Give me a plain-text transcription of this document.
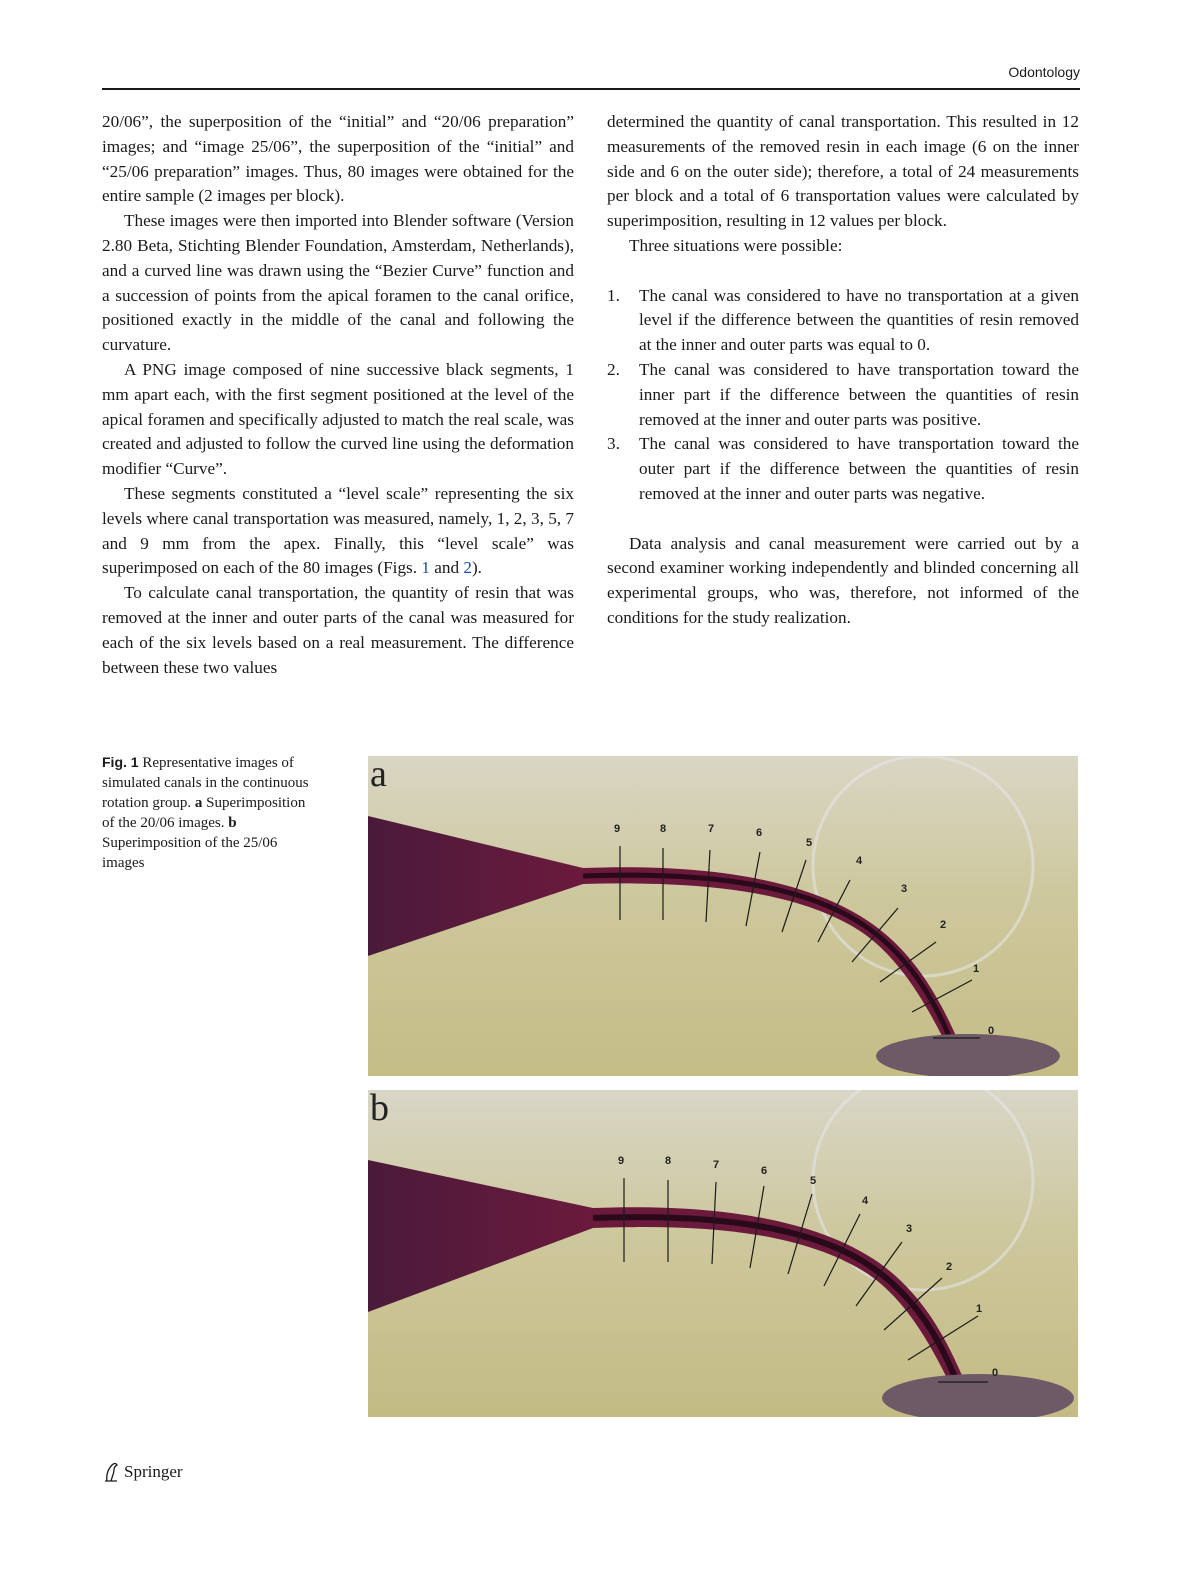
Odontology

20/06”, the superposition of the “initial” and “20/06 preparation” images; and “image 25/06”, the superposition of the “initial” and “25/06 preparation” images. Thus, 80 images were obtained for the entire sample (2 images per block).

These images were then imported into Blender software (Version 2.80 Beta, Stichting Blender Foundation, Amsterdam, Netherlands), and a curved line was drawn using the “Bezier Curve” function and a succession of points from the apical foramen to the canal orifice, positioned exactly in the middle of the canal and following the curvature.

A PNG image composed of nine successive black segments, 1 mm apart each, with the first segment positioned at the level of the apical foramen and specifically adjusted to match the real scale, was created and adjusted to follow the curved line using the deformation modifier “Curve”.

These segments constituted a “level scale” representing the six levels where canal transportation was measured, namely, 1, 2, 3, 5, 7 and 9 mm from the apex. Finally, this “level scale” was superimposed on each of the 80 images (Figs. 1 and 2).

To calculate canal transportation, the quantity of resin that was removed at the inner and outer parts of the canal was measured for each of the six levels based on a real measurement. The difference between these two values

determined the quantity of canal transportation. This resulted in 12 measurements of the removed resin in each image (6 on the inner side and 6 on the outer side); therefore, a total of 24 measurements per block and a total of 6 transportation values were calculated by superimposition, resulting in 12 values per block.

Three situations were possible:

1. The canal was considered to have no transportation at a given level if the difference between the quantities of resin removed at the inner and outer parts was equal to 0.
2. The canal was considered to have transportation toward the inner part if the difference between the quantities of resin removed at the inner and outer parts was positive.
3. The canal was considered to have transportation toward the outer part if the difference between the quantities of resin removed at the inner and outer parts was negative.

Data analysis and canal measurement were carried out by a second examiner working independently and blinded concerning all experimental groups, who was, therefore, not informed of the conditions for the study realization.

Fig. 1 Representative images of simulated canals in the continuous rotation group. a Superimposition of the 20/06 images. b Superimposition of the 25/06 images
9	8	7	6
5
4
3
2
1
0
a
9	8	7	6
5
4
3
2
1
0
b
Springer
